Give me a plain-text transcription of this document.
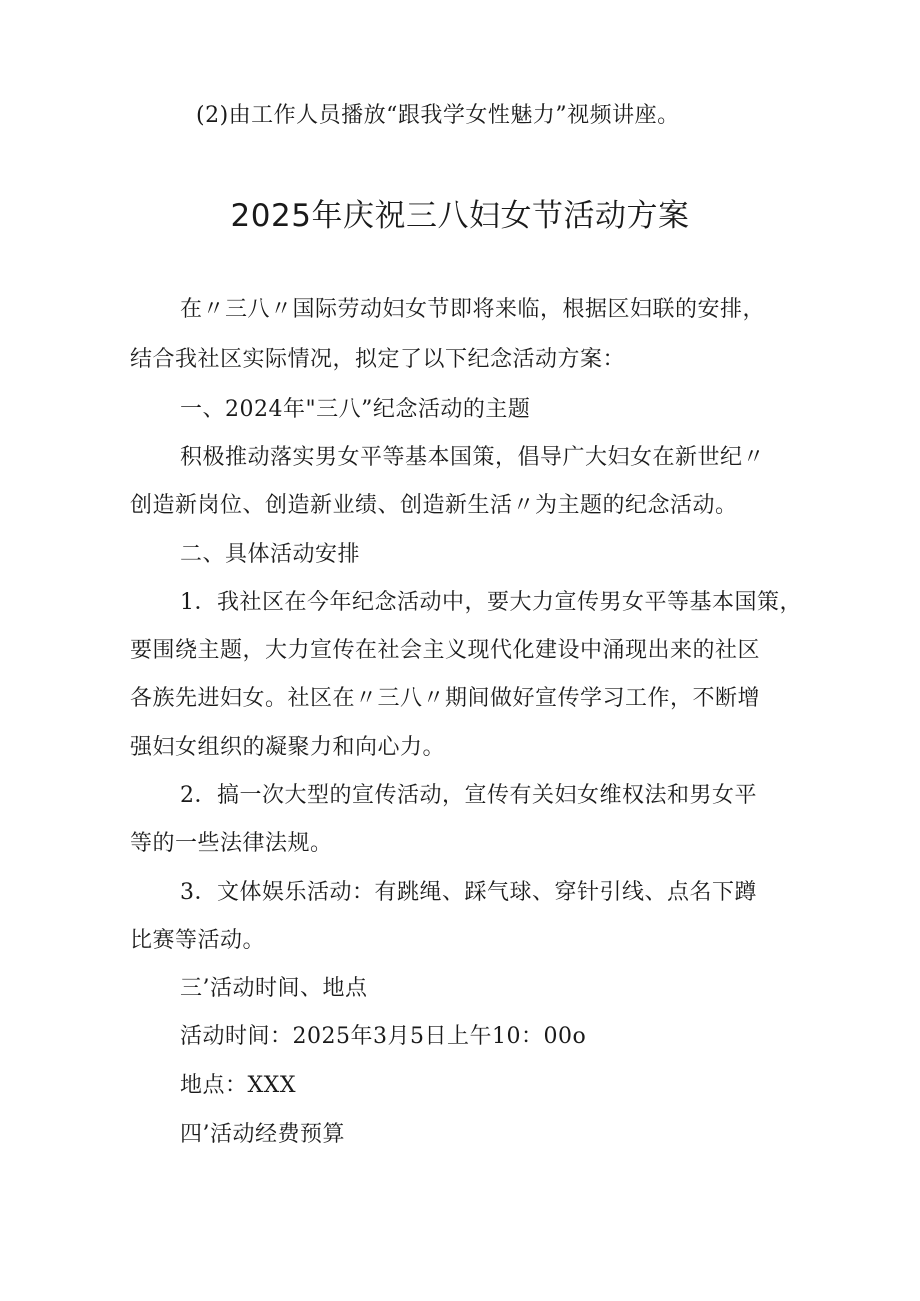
(2)由工作人员播放“跟我学女性魅力”视频讲座。
2025年庆祝三八妇女节活动方案
在〃三八〃国际劳动妇女节即将来临，根据区妇联的安排，
结合我社区实际情况，拟定了以下纪念活动方案：
一、2024年"三八”纪念活动的主题
积极推动落实男女平等基本国策，倡导广大妇女在新世纪〃
创造新岗位、创造新业绩、创造新生活〃为主题的纪念活动。
二、具体活动安排
1．我社区在今年纪念活动中，要大力宣传男女平等基本国策，
要围绕主题，大力宣传在社会主义现代化建设中涌现出来的社区
各族先进妇女。社区在〃三八〃期间做好宣传学习工作，不断增
强妇女组织的凝聚力和向心力。
2．搞一次大型的宣传活动，宣传有关妇女维权法和男女平
等的一些法律法规。
3．文体娱乐活动：有跳绳、踩气球、穿针引线、点名下蹲
比赛等活动。
三’活动时间、地点
活动时间：2025年3月5日上午10：00o
地点：XXX
四’活动经费预算
